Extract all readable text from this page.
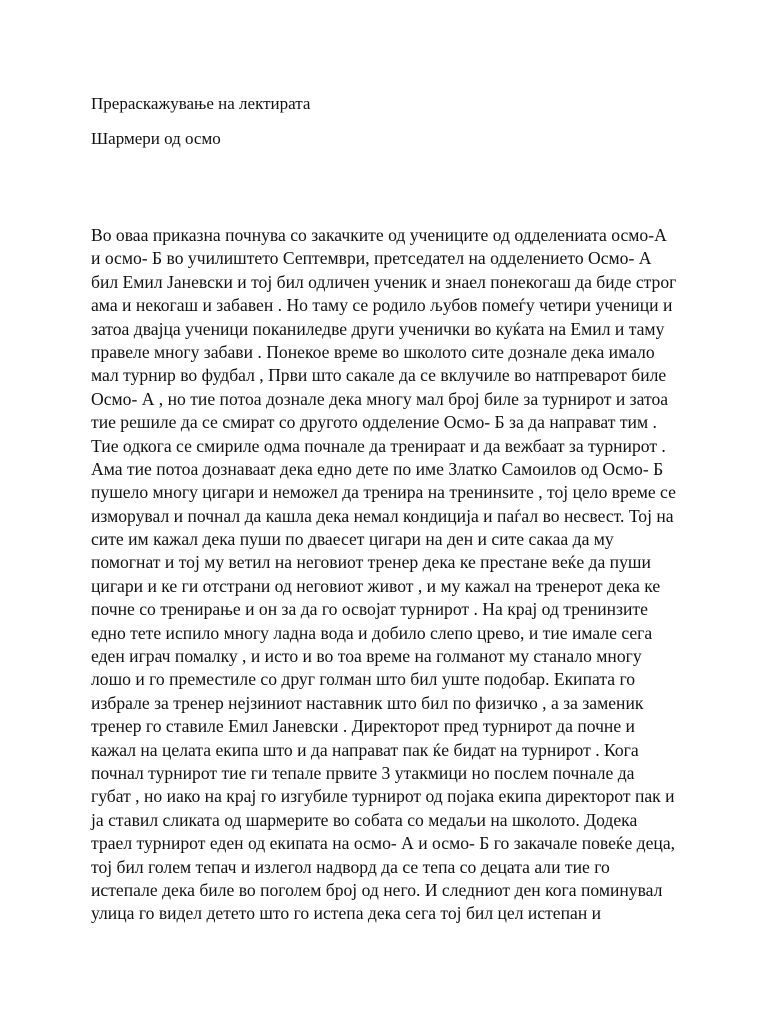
Прераскажување на лектирата

Шармери од осмо

Во оваа приказна почнува со закачките од учениците од одделениата осмо-А
и осмо- Б во училиштето Септември, претседател на одделението Осмо- А
бил Емил Јаневски и тој бил одличен ученик и знаел понекогаш да биде строг
ама и некогаш и забавен . Но таму се родило љубов помеѓу четири ученици и
затоа двајца ученици поканиледве други ученички во куќата на Емил и таму
правеле многу забави . Понекое време во школото сите дознале дека имало
мал турнир во фудбал , Први што сакале да се вклучиле во натпреварот биле
Осмо- А , но тие потоа дознале дека многу мал број биле за турнирот и затоа
тие решиле да се смират со другото одделение Осмо- Б за да направат тим .
Тие одкога се смириле одма почнале да тренираат и да вежбаат за турнирот .
Ама тие потоа дознаваат дека едно дете по име Златко Самоилов од Осмо- Б
пушело многу цигари и неможел да тренира на тренинѕите , тој цело време се
изморувал и почнал да кашла дека немал кондиција и паѓал во несвест. Тој на
сите им кажал дека пуши по дваесет цигари на ден и сите сакаа да му
помогнат и тој му ветил на неговиот тренер дека ке престане веќе да пуши
цигари и ке ги отстрани од неговиот живот , и му кажал на тренерот дека ке
почне со тренирање и он за да го освојат турнирот . На крај од тренинзите
едно тете испило многу ладна вода и добило слепо црево, и тие имале сега
еден играч помалку , и исто и во тоа време на голманот му станало многу
лошо и го преместиле со друг голман што бил уште подобар. Екипата го
избрале за тренер нејзиниот наставник што бил по физичко , а за заменик
тренер го ставиле Емил Јаневски . Директорот пред турнирот да почне и
кажал на целата екипа што и да направат пак ќе бидат на турнирот . Кога
почнал турнирот тие ги тепале првите 3 утакмици но послем почнале да
губат , но иако на крај го изгубиле турнирот од појака екипа директорот пак и
ја ставил сликата од шармерите во собата со медаљи на школото. Додека
траел турнирот еден од екипата на осмо- А и осмо- Б го закачале повеќе деца,
тој бил голем тепач и излегол надворд да се тепа со децата али тие го
истепале дека биле во поголем број од него. И следниот ден кога поминувал
улица го видел детето што го истепа дека сега тој бил цел истепан и
